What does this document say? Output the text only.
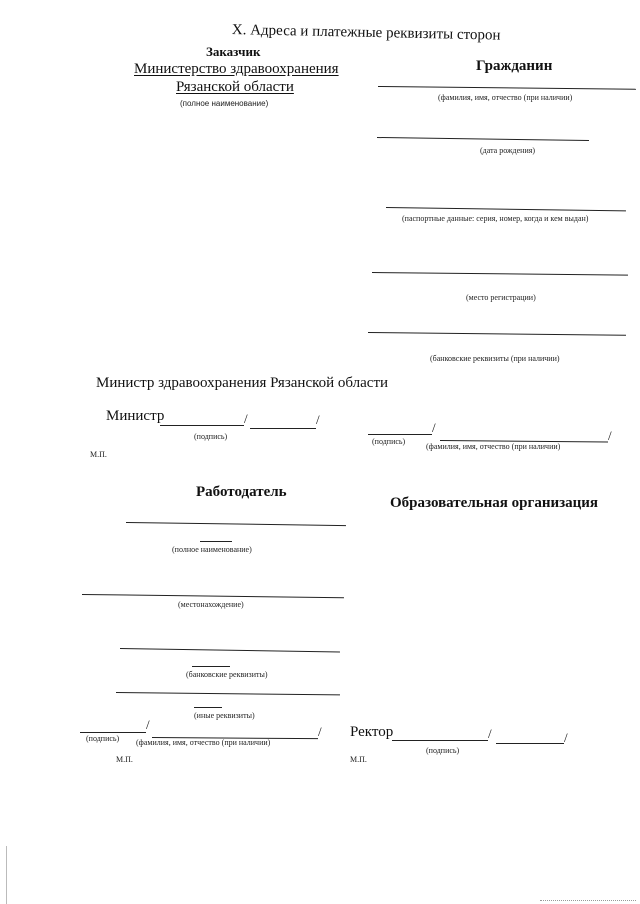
X. Адреса и платежные реквизиты сторон
Заказчик
Министерство здравоохранения
Рязанской области
(полное наименование)
Министр здравоохранения Рязанской области
Министр	/	/
(подпись)
М.П.
Гражданин
(фамилия, имя, отчество (при наличии)
(дата рождения)
(паспортные данные: серия, номер, когда и кем выдан)
(место регистрации)
(банковские реквизиты (при наличии)
/
/
(подпись)
(фамилия, имя, отчество (при наличии)
Работодатель
(полное наименование)
(местонахождение)
(банковские реквизиты)
(иные реквизиты)
/	/
(подпись) (фамилия, имя, отчество (при наличии)
М.П.
Образовательная организация
Ректор	/	/
(подпись)
М.П.
